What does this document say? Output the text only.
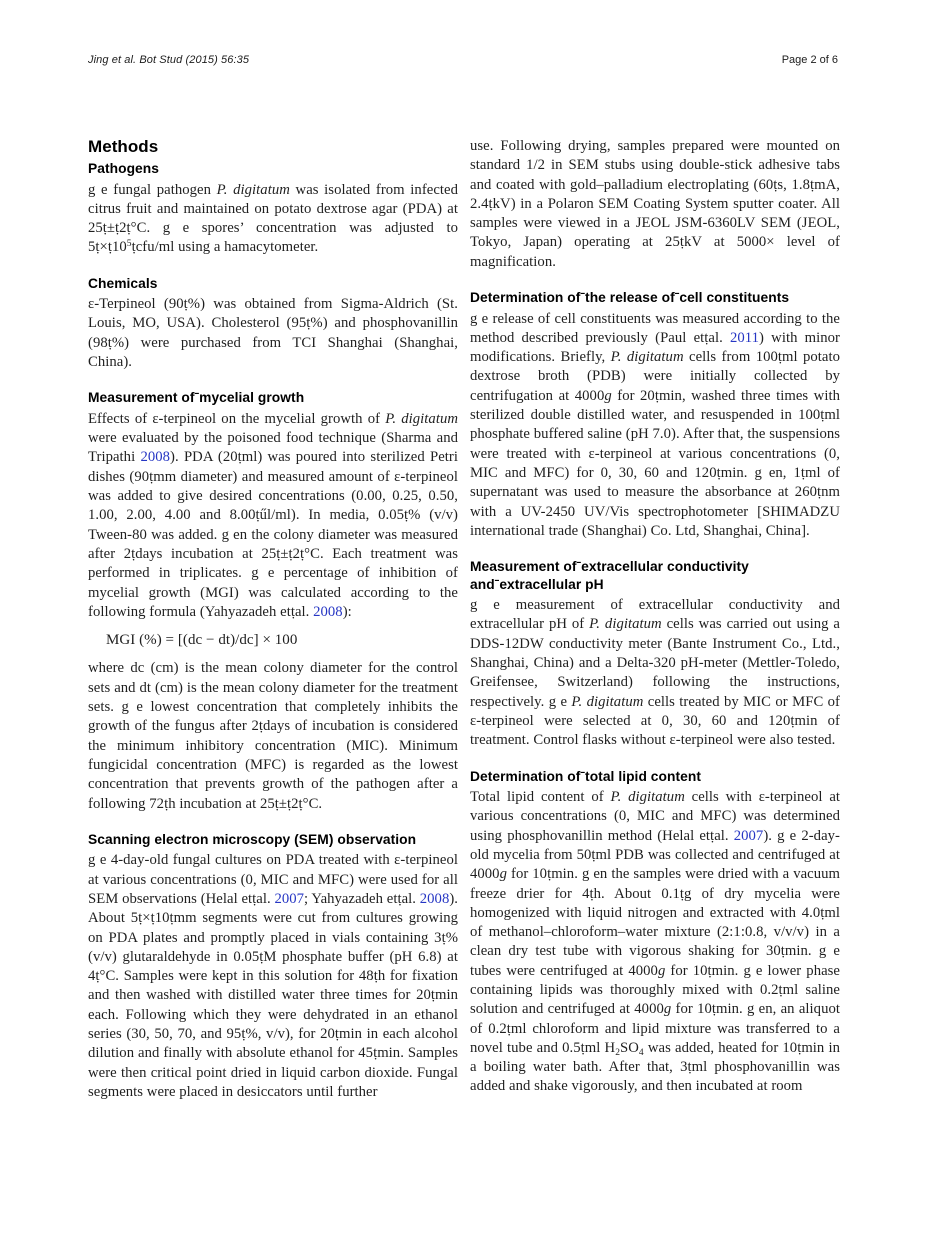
Jing et al. Bot Stud (2015) 56:35	Page 2 of 6
Methods
Pathogens

g e fungal pathogen P. digitatum was isolated from infected citrus fruit and maintained on potato dextrose agar (PDA) at 25ṭ±ṭ2ṭ°C. g e spores’ concentration was adjusted to $5ṭ\times ṭ10^5ṭcfu/ml$ using a hamacytometer.

Chemicals

ε-Terpineol (90ṭ%) was obtained from Sigma-Aldrich (St. Louis, MO, USA). Cholesterol (95ṭ%) and phosphovanillin (98ṭ%) were purchased from TCI Shanghai (Shanghai, China).

Measurement ofˉmycelial growth

Effects of ε-terpineol on the mycelial growth of P. digitatum were evaluated by the poisoned food technique (Sharma and Tripathi 2008). PDA (20ṭml) was poured into sterilized Petri dishes (90ṭmm diameter) and measured amount of ε-terpineol was added to give desired concentrations (0.00, 0.25, 0.50, 1.00, 2.00, 4.00 and 8.00ṭűl/ml). In media, 0.05ṭ% (v/v) Tween-80 was added. g en the colony diameter was measured after 2ṭdays incubation at 25ṭ±ṭ2ṭ°C. Each treatment was performed in triplicates. g e percentage of inhibition of mycelial growth (MGI) was calculated according to the following formula (Yahyazadeh etṭal. 2008):

MGI (%) = [(dc − dt)/dc] × 100

where dc (cm) is the mean colony diameter for the control sets and dt (cm) is the mean colony diameter for the treatment sets. g e lowest concentration that completely inhibits the growth of the fungus after 2ṭdays of incubation is considered the minimum inhibitory concentration (MIC). Minimum fungicidal concentration (MFC) is regarded as the lowest concentration that prevents growth of the pathogen after a following 72ṭh incubation at 25ṭ±ṭ2ṭ°C.

Scanning electron microscopy (SEM) observation

g e 4-day-old fungal cultures on PDA treated with ε-terpineol at various concentrations (0, MIC and MFC) were used for all SEM observations (Helal etṭal. 2007; Yahyazadeh etṭal. 2008). About 5ṭ×ṭ10ṭmm segments were cut from cultures growing on PDA plates and promptly placed in vials containing 3ṭ% (v/v) glutaraldehyde in 0.05ṭM phosphate buffer (pH 6.8) at 4ṭ°C. Samples were kept in this solution for 48ṭh for fixation and then washed with distilled water three times for 20ṭmin each. Following which they were dehydrated in an ethanol series (30, 50, 70, and 95ṭ%, v/v), for 20ṭmin in each alcohol dilution and finally with absolute ethanol for 45ṭmin. Samples were then critical point dried in liquid carbon dioxide. Fungal segments were placed in desiccators until further

use. Following drying, samples prepared were mounted on standard 1/2 in SEM stubs using double-stick adhesive tabs and coated with gold–palladium electroplating (60ṭs, 1.8ṭmA, 2.4ṭkV) in a Polaron SEM Coating System sputter coater. All samples were viewed in a JEOL JSM-6360LV SEM (JEOL, Tokyo, Japan) operating at 25ṭkV at 5000× level of magnification.

Determination ofˉthe release ofˉcell constituents

g e release of cell constituents was measured according to the method described previously (Paul etṭal. 2011) with minor modifications. Briefly, P. digitatum cells from 100ṭml potato dextrose broth (PDB) were initially collected by centrifugation at 4000g for 20ṭmin, washed three times with sterilized double distilled water, and resuspended in 100ṭml phosphate buffered saline (pH 7.0). After that, the suspensions were treated with ε-terpineol at various concentrations (0, MIC and MFC) for 0, 30, 60 and 120ṭmin. g en, 1ṭml of supernatant was used to measure the absorbance at 260ṭnm with a UV-2450 UV/Vis spectrophotometer [SHIMADZU international trade (Shanghai) Co. Ltd, Shanghai, China].

Measurement ofˉextracellular conductivity andˉextracellular pH

g e measurement of extracellular conductivity and extracellular pH of P. digitatum cells was carried out using a DDS-12DW conductivity meter (Bante Instrument Co., Ltd., Shanghai, China) and a Delta-320 pH-meter (Mettler-Toledo, Greifensee, Switzerland) following the instructions, respectively. g e P. digitatum cells treated by MIC or MFC of ε-terpineol were selected at 0, 30, 60 and 120ṭmin of treatment. Control flasks without ε-terpineol were also tested.

Determination ofˉtotal lipid content

Total lipid content of P. digitatum cells with ε-terpineol at various concentrations (0, MIC and MFC) was determined using phosphovanillin method (Helal etṭal. 2007). g e 2-day-old mycelia from 50ṭml PDB was collected and centrifuged at 4000g for 10ṭmin. g en the samples were dried with a vacuum freeze drier for 4ṭh. About 0.1ṭg of dry mycelia were homogenized with liquid nitrogen and extracted with 4.0ṭml of methanol–chloroform–water mixture (2:1:0.8, v/v/v) in a clean dry test tube with vigorous shaking for 30ṭmin. g e tubes were centrifuged at 4000g for 10ṭmin. g e lower phase containing lipids was thoroughly mixed with 0.2ṭml saline solution and centrifuged at 4000g for 10ṭmin. g en, an aliquot of 0.2ṭml chloroform and lipid mixture was transferred to a novel tube and 0.5ṭml $H_2SO_4$ was added, heated for 10ṭmin in a boiling water bath. After that, 3ṭml phosphovanillin was added and shake vigorously, and then incubated at room
